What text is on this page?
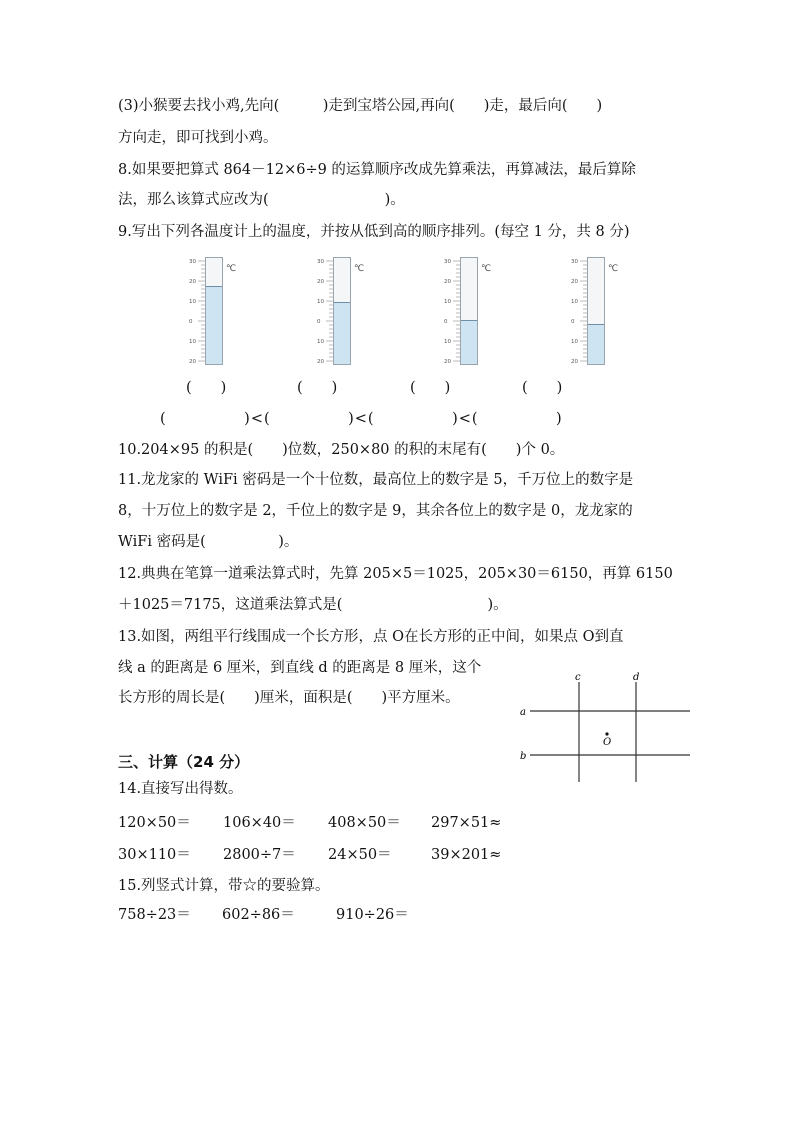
(3)小猴要去找小鸡,先向(　　　)走到宝塔公园,再向(　　)走，最后向(　　)
方向走，即可找到小鸡。
8.如果要把算式 864－12×6÷9 的运算顺序改成先算乘法，再算减法，最后算除
法，那么该算式应改为(　　　　　　　　)。
9.写出下列各温度计上的温度，并按从低到高的顺序排列。(每空 1 分，共 8 分)
30
20
10
0
10
20
℃
30
20
10
0
10
20
℃
30
20
10
0
10
20
℃
30
20
10
0
10
20
℃
(　　)	(　　)	(　　)	(　　)
(　　　　　)<(　　　　　)<(　　　　　)<(　　　　　)
10.204×95 的积是(　　)位数，250×80 的积的末尾有(　　)个 0。
11.龙龙家的 WiFi 密码是一个十位数，最高位上的数字是 5，千万位上的数字是
8，十万位上的数字是 2，千位上的数字是 9，其余各位上的数字是 0，龙龙家的
WiFi 密码是(　　　　　)。
12.典典在笔算一道乘法算式时，先算 205×5＝1025，205×30＝6150，再算 6150
＋1025＝7175，这道乘法算式是(　　　　　　　　　　)。
13.如图，两组平行线围成一个长方形，点 O在长方形的正中间，如果点 O到直
线 a 的距离是 6 厘米，到直线 d 的距离是 8 厘米，这个
长方形的周长是(　　)厘米，面积是(　　)平方厘米。
a
b
c	d
O
三、计算（24 分）
14.直接写出得数。
120×50＝ 106×40＝ 408×50＝ 297×51≈
30×110＝ 2800÷7＝ 24×50＝	39×201≈
15.列竖式计算，带☆的要验算。
758÷23＝ 602÷86＝	910÷26＝
